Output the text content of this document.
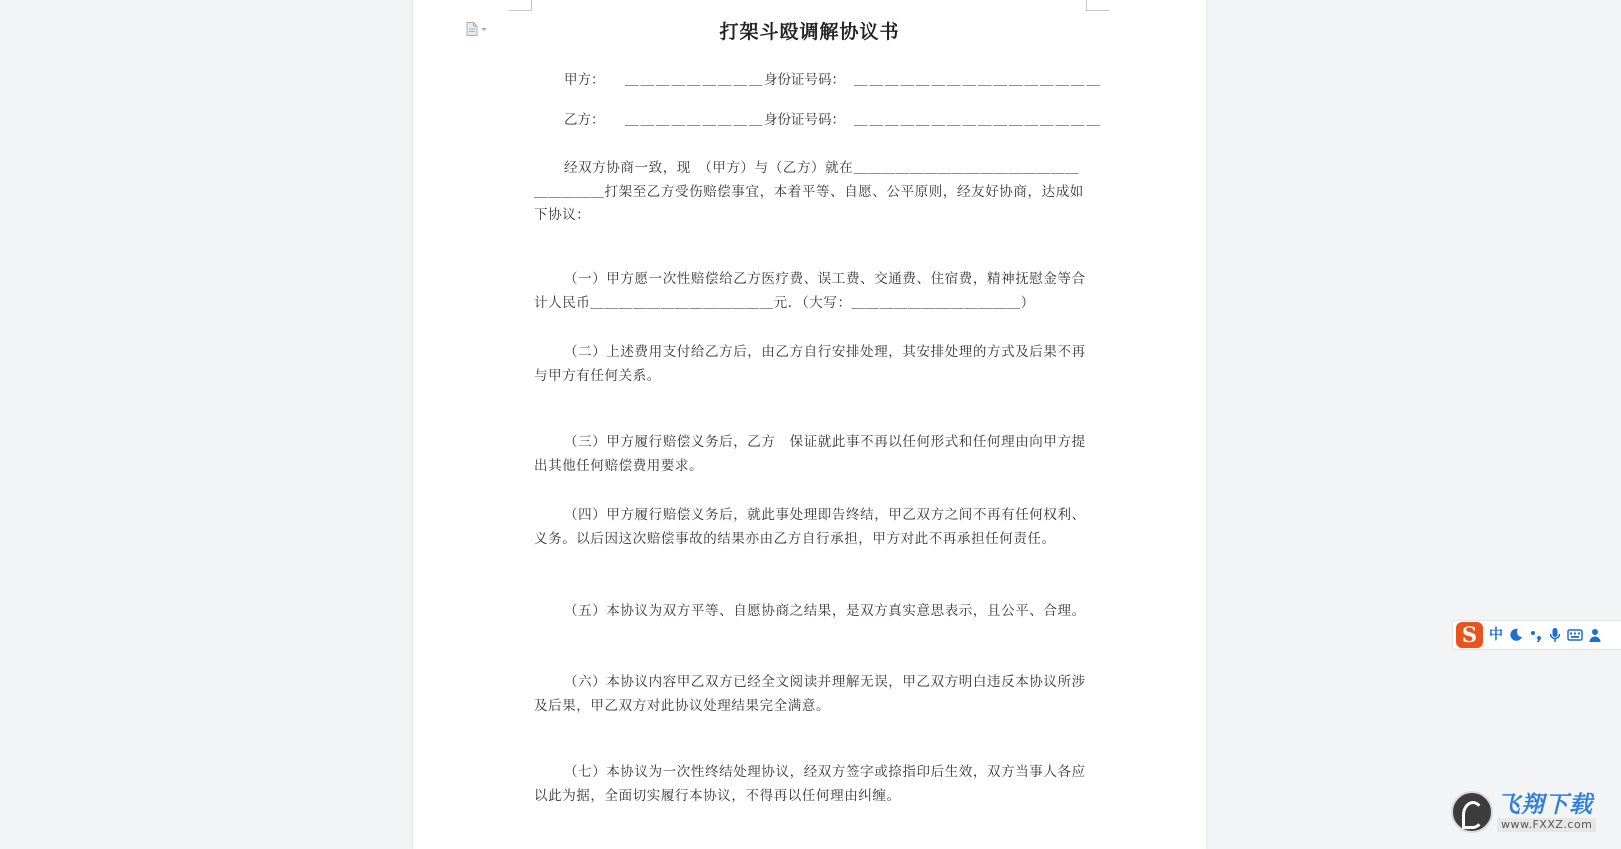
打架斗殴调解协议书
甲方： ＿＿＿＿＿＿＿＿＿ 身份证号码： ＿＿＿＿＿＿＿＿＿＿＿＿＿＿＿＿
乙方： ＿＿＿＿＿＿＿＿＿ 身份证号码： ＿＿＿＿＿＿＿＿＿＿＿＿＿＿＿＿
经双方协商一致，现　（甲方）与（乙方）就在＿＿＿＿＿＿＿＿＿＿＿＿＿＿＿＿＿＿＿＿＿打架至乙方受伤赔偿事宜，本着平等、自愿、公平原则，经友好协商，达成如下协议：
（一）甲方愿一次性赔偿给乙方医疗费、误工费、交通费、住宿费，精神抚慰金等合计人民币＿＿＿＿＿＿＿＿＿＿＿＿＿元．（大写：＿＿＿＿＿＿＿＿＿＿＿＿）
（二）上述费用支付给乙方后，由乙方自行安排处理，其安排处理的方式及后果不再与甲方有任何关系。
（三）甲方履行赔偿义务后，乙方　保证就此事不再以任何形式和任何理由向甲方提出其他任何赔偿费用要求。
（四）甲方履行赔偿义务后，就此事处理即告终结，甲乙双方之间不再有任何权利、义务。以后因这次赔偿事故的结果亦由乙方自行承担，甲方对此不再承担任何责任。
（五）本协议为双方平等、自愿协商之结果，是双方真实意思表示，且公平、合理。
（六）本协议内容甲乙双方已经全文阅读并理解无误，甲乙双方明白违反本协议所涉及后果，甲乙双方对此协议处理结果完全满意。
（七）本协议为一次性终结处理协议，经双方签字或捺指印后生效，双方当事人各应以此为据，全面切实履行本协议，不得再以任何理由纠缠。
S 中
飞翔下载
www.FXXZ.com
